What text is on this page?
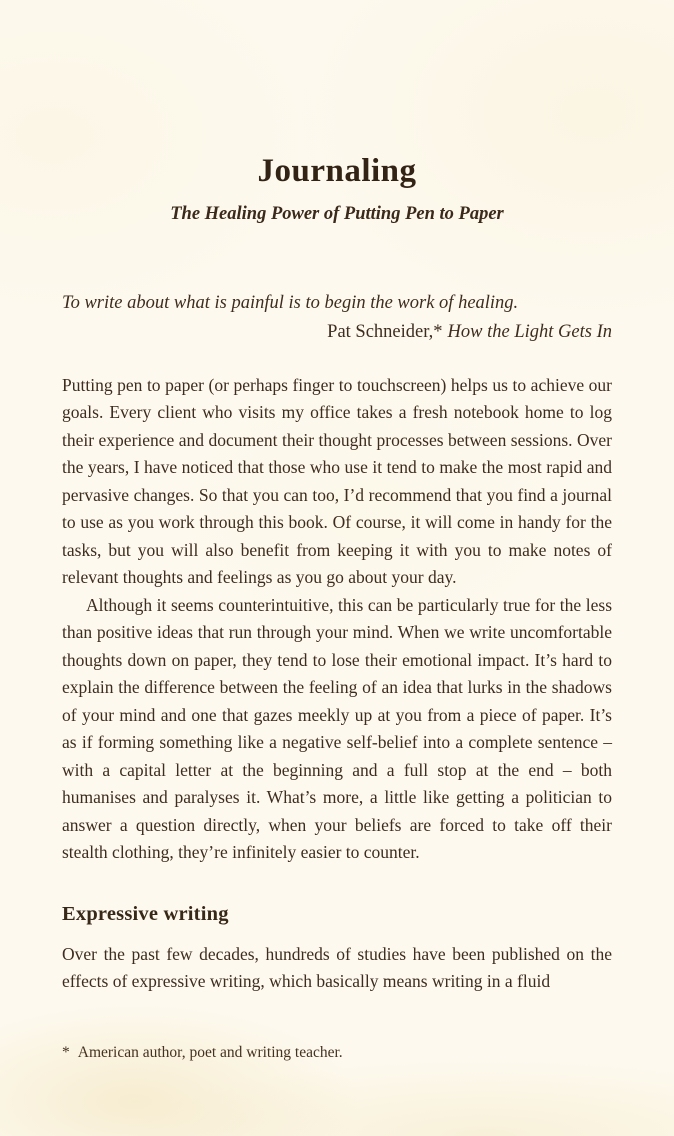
Journaling
The Healing Power of Putting Pen to Paper
To write about what is painful is to begin the work of healing.
Pat Schneider,* How the Light Gets In

Putting pen to paper (or perhaps finger to touchscreen) helps us to achieve our goals. Every client who visits my office takes a fresh notebook home to log their experience and document their thought processes between sessions. Over the years, I have noticed that those who use it tend to make the most rapid and pervasive changes. So that you can too, I’d recommend that you find a journal to use as you work through this book. Of course, it will come in handy for the tasks, but you will also benefit from keeping it with you to make notes of relevant thoughts and feelings as you go about your day.

Although it seems counterintuitive, this can be particularly true for the less than positive ideas that run through your mind. When we write uncomfortable thoughts down on paper, they tend to lose their emotional impact. It’s hard to explain the difference between the feeling of an idea that lurks in the shadows of your mind and one that gazes meekly up at you from a piece of paper. It’s as if forming something like a negative self-belief into a complete sentence – with a capital letter at the beginning and a full stop at the end – both humanises and paralyses it. What’s more, a little like getting a politician to answer a question directly, when your beliefs are forced to take off their stealth clothing, they’re infinitely easier to counter.

Expressive writing

Over the past few decades, hundreds of studies have been published on the effects of expressive writing, which basically means writing in a fluid

* American author, poet and writing teacher.
